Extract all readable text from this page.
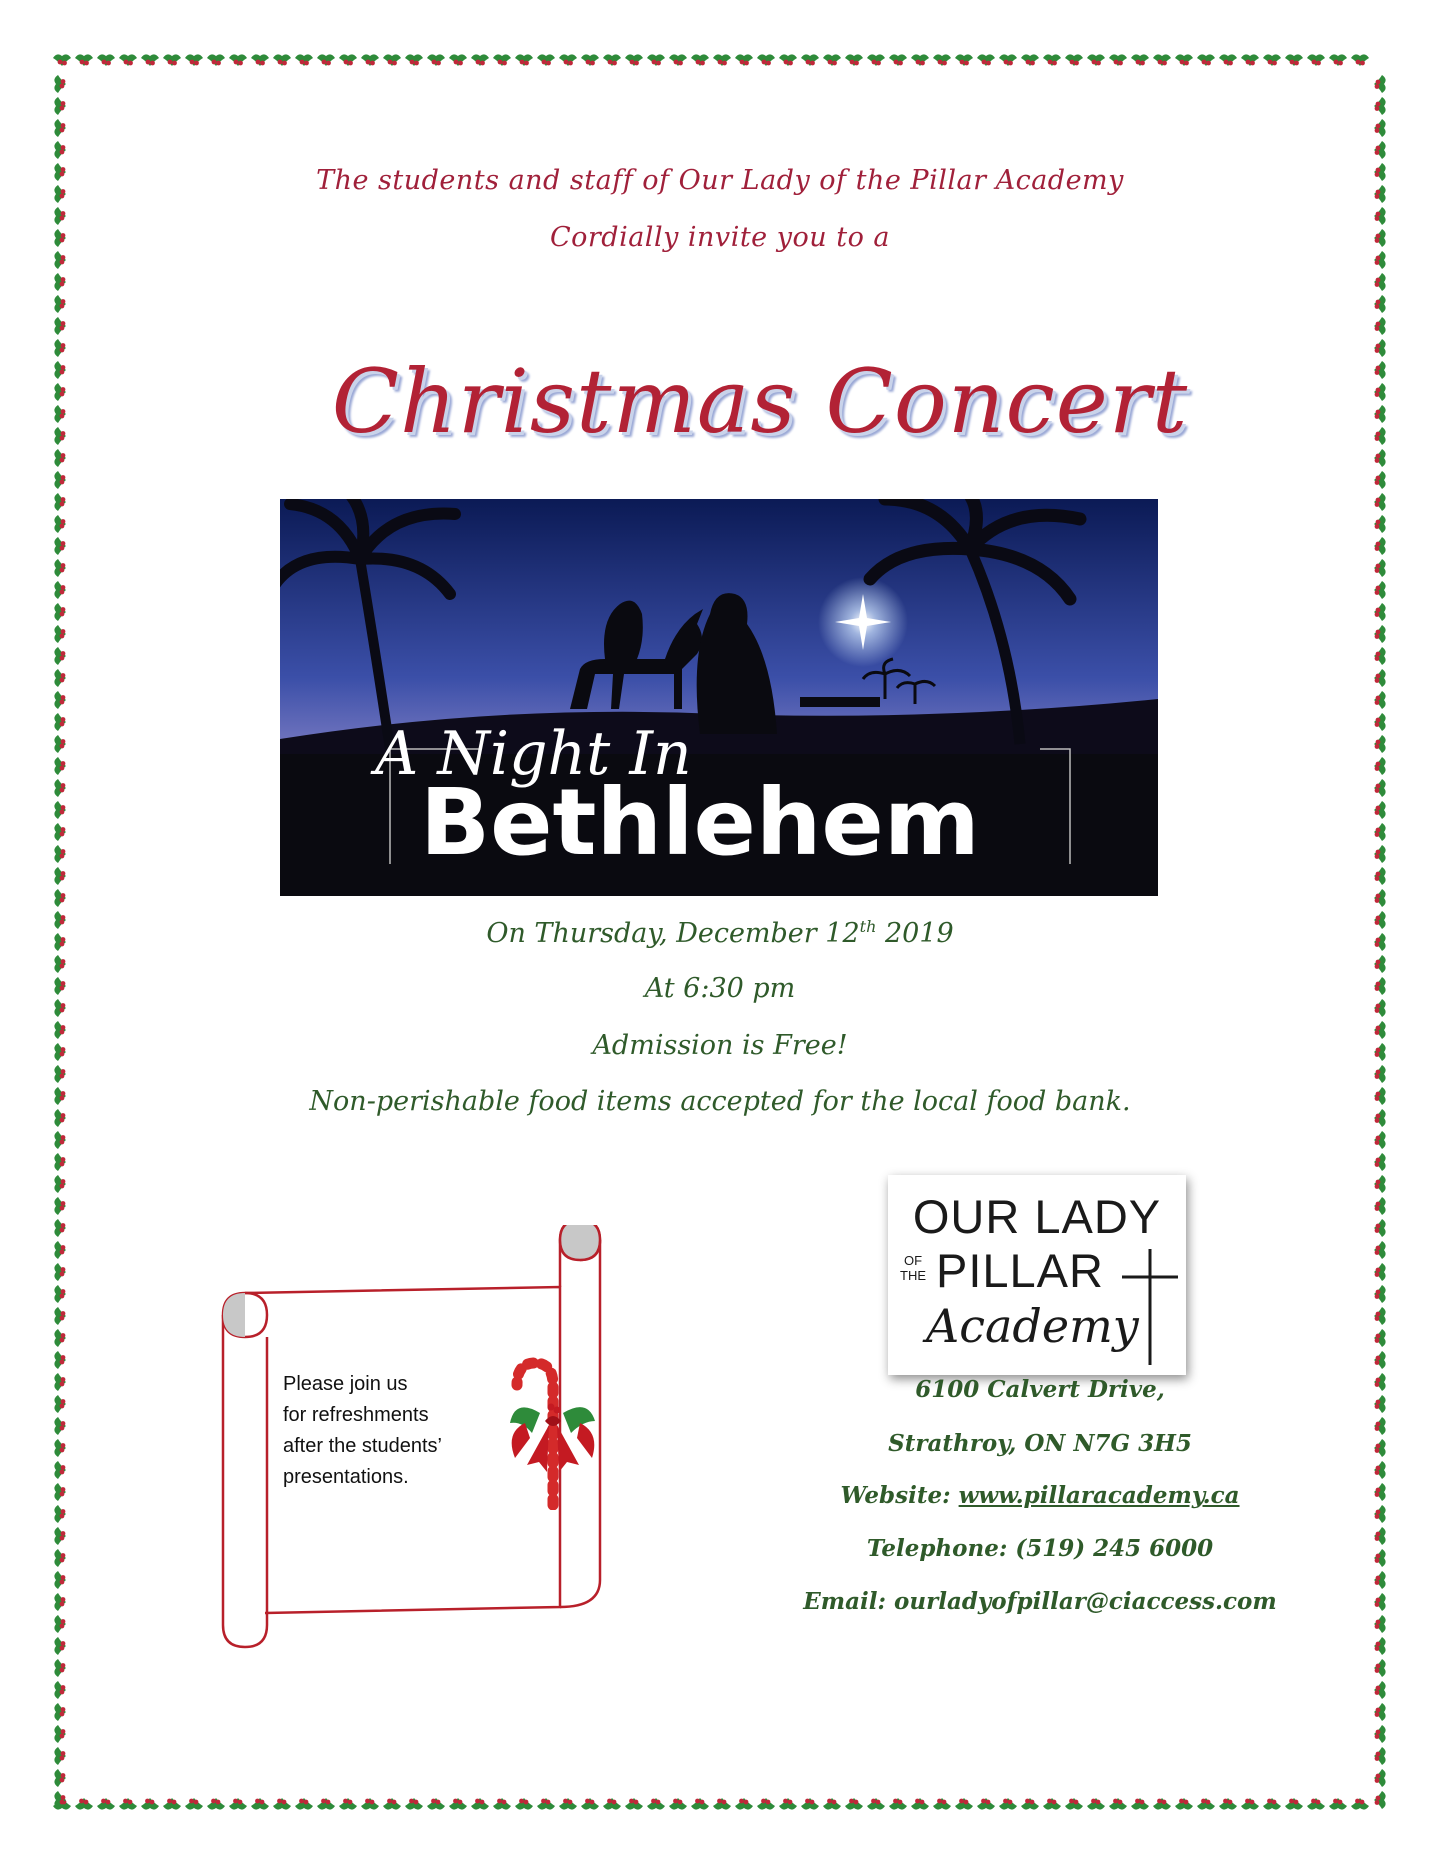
The students and staff of Our Lady of the Pillar Academy
Cordially invite you to a
Christmas Concert
A Night In
Bethlehem
On Thursday, December 12th 2019
At 6:30 pm
Admission is Free!
Non-perishable food items accepted for the local food bank.
Please join us
for refreshments
after the students’
presentations.
OUR LADY
OF
THE PILLAR
Academy
6100 Calvert Drive,
Strathroy, ON N7G 3H5
Website: www.pillaracademy.ca
Telephone: (519) 245 6000
Email: ourladyofpillar@ciaccess.com
